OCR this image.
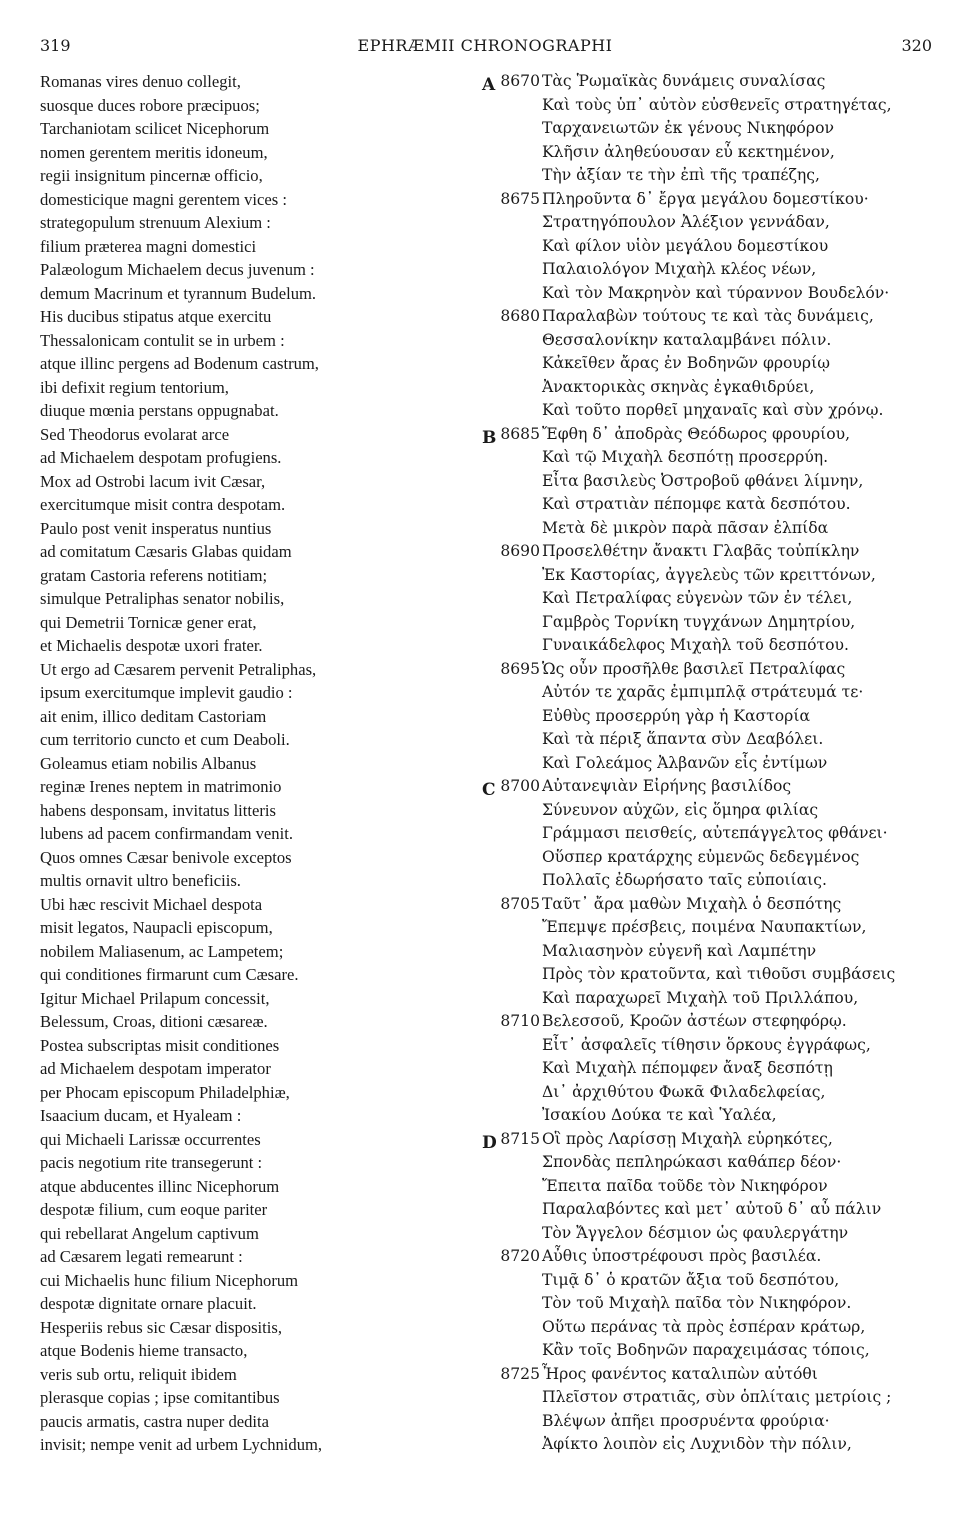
319	EPHRÆMII CHRONOGRAPHI	320
Romanas vires denuo collegit,
suosque duces robore præcipuos;
Tarchaniotam scilicet Nicephorum
nomen gerentem meritis idoneum,
regii insignitum pincernæ officio,
domesticique magni gerentem vices :
strategopulum strenuum Alexium :
filium præterea magni domestici
Palæologum Michaelem decus juvenum :
demum Macrinum et tyrannum Budelum.
His ducibus stipatus atque exercitu
Thessalonicam contulit se in urbem :
atque illinc pergens ad Bodenum castrum,
ibi defixit regium tentorium,
diuque mœnia perstans oppugnabat.
Sed Theodorus evolarat arce
ad Michaelem despotam profugiens.
Mox ad Ostrobi lacum ivit Cæsar,
exercitumque misit contra despotam.
Paulo post venit insperatus nuntius
ad comitatum Cæsaris Glabas quidam
gratam Castoria referens notitiam;
simulque Petraliphas senator nobilis,
qui Demetrii Tornicæ gener erat,
et Michaelis despotæ uxori frater.
Ut ergo ad Cæsarem pervenit Petraliphas,
ipsum exercitumque implevit gaudio :
ait enim, illico deditam Castoriam
cum territorio cuncto et cum Deaboli.
Goleamus etiam nobilis Albanus
reginæ Irenes neptem in matrimonio
habens desponsam, invitatus litteris
lubens ad pacem confirmandam venit.
Quos omnes Cæsar benivole exceptos
multis ornavit ultro beneficiis.
Ubi hæc rescivit Michael despota
misit legatos, Naupacli episcopum,
nobilem Maliasenum, ac Lampetem;
qui conditiones firmarunt cum Cæsare.
Igitur Michael Prilapum concessit,
Belessum, Croas, ditioni cæsareæ.
Postea subscriptas misit conditiones
ad Michaelem despotam imperator
per Phocam episcopum Philadelphiæ,
Isaacium ducam, et Hyaleam :
qui Michaeli Larissæ occurrentes
pacis negotium rite transegerunt :
atque abducentes illinc Nicephorum
despotæ filium, cum eoque pariter
qui rebellarat Angelum captivum
ad Cæsarem legati remearunt :
cui Michaelis hunc filium Nicephorum
despotæ dignitate ornare placuit.
Hesperiis rebus sic Cæsar dispositis,
atque Bodenis hieme transacto,
veris sub ortu, reliquit ibidem
plerasque copias ; ipse comitantibus
paucis armatis, castra nuper dedita
invisit; nempe venit ad urbem Lychnidum,
A 8670 Τὰς Ῥωμαϊκὰς δυνάμεις συναλίσας
Καὶ τοὺς ὑπ᾽ αὐτὸν εὐσθενεῖς στρατηγέτας,
Ταρχανειωτῶν ἐκ γένους Νικηφόρον
Κλῆσιν ἀληθεύουσαν εὖ κεκτημένον,
Τὴν ἀξίαν τε τὴν ἐπὶ τῆς τραπέζης,
8675 Πληροῦντα δ᾽ ἔργα μεγάλου δομεστίκου·
Στρατηγόπουλον Ἀλέξιον γεννάδαν,
Καὶ φίλον υἱὸν μεγάλου δομεστίκου
Παλαιολόγον Μιχαὴλ κλέος νέων,
Καὶ τὸν Μακρηνὸν καὶ τύραννον Βουδελόν·
8680 Παραλαβὼν τούτους τε καὶ τὰς δυνάμεις,
Θεσσαλονίκην καταλαμβάνει πόλιν.
Κἀκεῖθεν ἄρας ἐν Βοδηνῶν φρουρίῳ
Ἀνακτορικὰς σκηνὰς ἐγκαθιδρύει,
Καὶ τοῦτο πορθεῖ μηχαναῖς καὶ σὺν χρόνῳ.
B 8685 Ἔφθη δ᾽ ἀποδρὰς Θεόδωρος φρουρίου,
Καὶ τῷ Μιχαὴλ δεσπότῃ προσερρύη.
Εἶτα βασιλεὺς Ὀστροβοῦ φθάνει λίμνην,
Καὶ στρατιὰν πέπομφε κατὰ δεσπότου.
Μετὰ δὲ μικρὸν παρὰ πᾶσαν ἐλπίδα
8690 Προσελθέτην ἄνακτι Γλαβᾶς τοὐπίκλην
Ἐκ Καστορίας, ἀγγελεὺς τῶν κρειττόνων,
Καὶ Πετραλίφας εὐγενὼν τῶν ἐν τέλει,
Γαμβρὸς Τορνίκη τυγχάνων Δημητρίου,
Γυναικάδελφος Μιχαὴλ τοῦ δεσπότου.
8695 Ὡς οὖν προσῆλθε βασιλεῖ Πετραλίφας
Αὐτόν τε χαρᾶς ἐμπιμπλᾷ στράτευμά τε·
Εὐθὺς προσερρύη γὰρ ἡ Καστορία
Καὶ τὰ πέριξ ἅπαντα σὺν Δεαβόλει.
Καὶ Γολεάμος Ἀλβανῶν εἷς ἐντίμων
C 8700 Αὐτανεψιὰν Εἰρήνης βασιλίδος
Σύνευνον αὐχῶν, εἰς ὅμηρα φιλίας
Γράμμασι πεισθείς, αὐτεπάγγελτος φθάνει·
Οὕσπερ κρατάρχης εὐμενῶς δεδεγμένος
Πολλαῖς ἐδωρήσατο ταῖς εὐποιίαις.
8705 Ταῦτ᾽ ἄρα μαθὼν Μιχαὴλ ὁ δεσπότης
Ἔπεμψε πρέσβεις, ποιμένα Ναυπακτίων,
Μαλιασηνὸν εὐγενῆ καὶ Λαμπέτην
Πρὸς τὸν κρατοῦντα, καὶ τιθοῦσι συμβάσεις
Καὶ παραχωρεῖ Μιχαὴλ τοῦ Πριλλάπου,
8710 Βελεσσοῦ, Κροῶν ἀστέων στεφηφόρῳ.
Εἶτ᾽ ἀσφαλεῖς τίθησιν ὅρκους ἐγγράφως,
Καὶ Μιχαὴλ πέπομφεν ἄναξ δεσπότῃ
Δι᾽ ἀρχιθύτου Φωκᾶ Φιλαδελφείας,
Ἰσακίου Δούκα τε καὶ Ὑαλέα,
D 8715 Οἳ πρὸς Λαρίσσῃ Μιχαὴλ εὑρηκότες,
Σπονδὰς πεπληρώκασι καθάπερ δέον·
Ἔπειτα παῖδα τοῦδε τὸν Νικηφόρον
Παραλαβόντες καὶ μετ᾽ αὐτοῦ δ᾽ αὖ πάλιν
Τὸν Ἄγγελον δέσμιον ὡς φαυλεργάτην
8720 Αὖθις ὑποστρέφουσι πρὸς βασιλέα.
Τιμᾷ δ᾽ ὁ κρατῶν ἄξια τοῦ δεσπότου,
Τὸν τοῦ Μιχαὴλ παῖδα τὸν Νικηφόρον.
Οὕτω περάνας τὰ πρὸς ἑσπέραν κράτωρ,
Κἂν τοῖς Βοδηνῶν παραχειμάσας τόποις,
8725 Ἦρος φανέντος καταλιπὼν αὐτόθι
Πλεῖστον στρατιᾶς, σὺν ὁπλίταις μετρίοις ;
Βλέψων ἀπῆει προσρυέντα φρούρια·
Ἀφίκτο λοιπὸν εἰς Λυχνιδὸν τὴν πόλιν,
